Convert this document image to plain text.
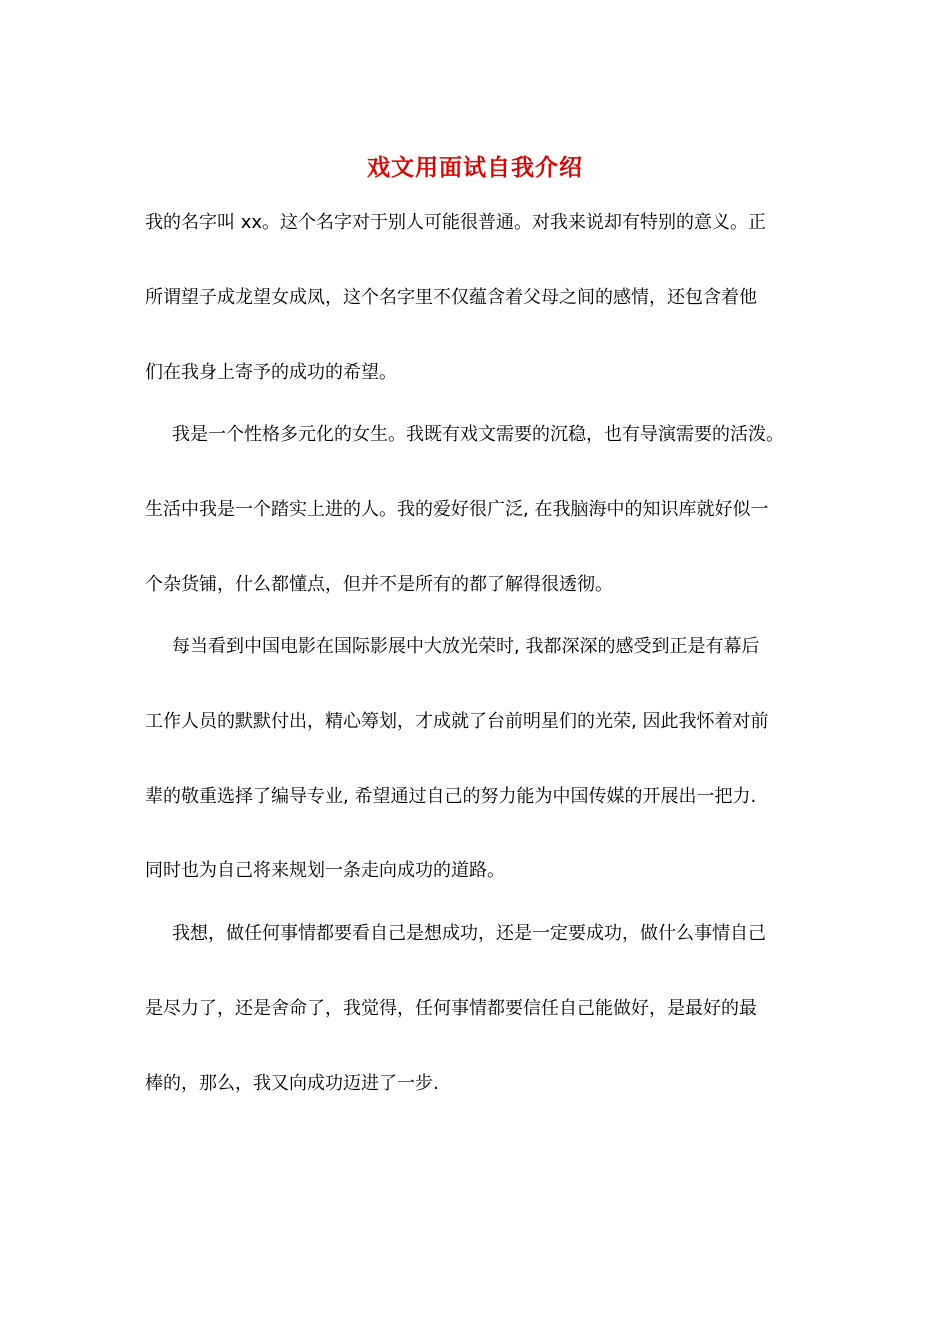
戏文用面试自我介绍
我的名字叫 xx。这个名字对于别人可能很普通。对我来说却有特别的意义。正
所谓望子成龙望女成凤，这个名字里不仅蕴含着父母之间的感情，还包含着他
们在我身上寄予的成功的希望。
我是一个性格多元化的女生。我既有戏文需要的沉稳，也有导演需要的活泼。
生活中我是一个踏实上进的人。我的爱好很广泛, 在我脑海中的知识库就好似一
个杂货铺，什么都懂点，但并不是所有的都了解得很透彻。
每当看到中国电影在国际影展中大放光荣时, 我都深深的感受到正是有幕后
工作人员的默默付出，精心筹划，才成就了台前明星们的光荣, 因此我怀着对前
辈的敬重选择了编导专业, 希望通过自己的努力能为中国传媒的开展出一把力.
同时也为自己将来规划一条走向成功的道路。
我想，做任何事情都要看自己是想成功，还是一定要成功，做什么事情自己
是尽力了，还是舍命了，我觉得，任何事情都要信任自己能做好，是最好的最
棒的，那么，我又向成功迈进了一步.
